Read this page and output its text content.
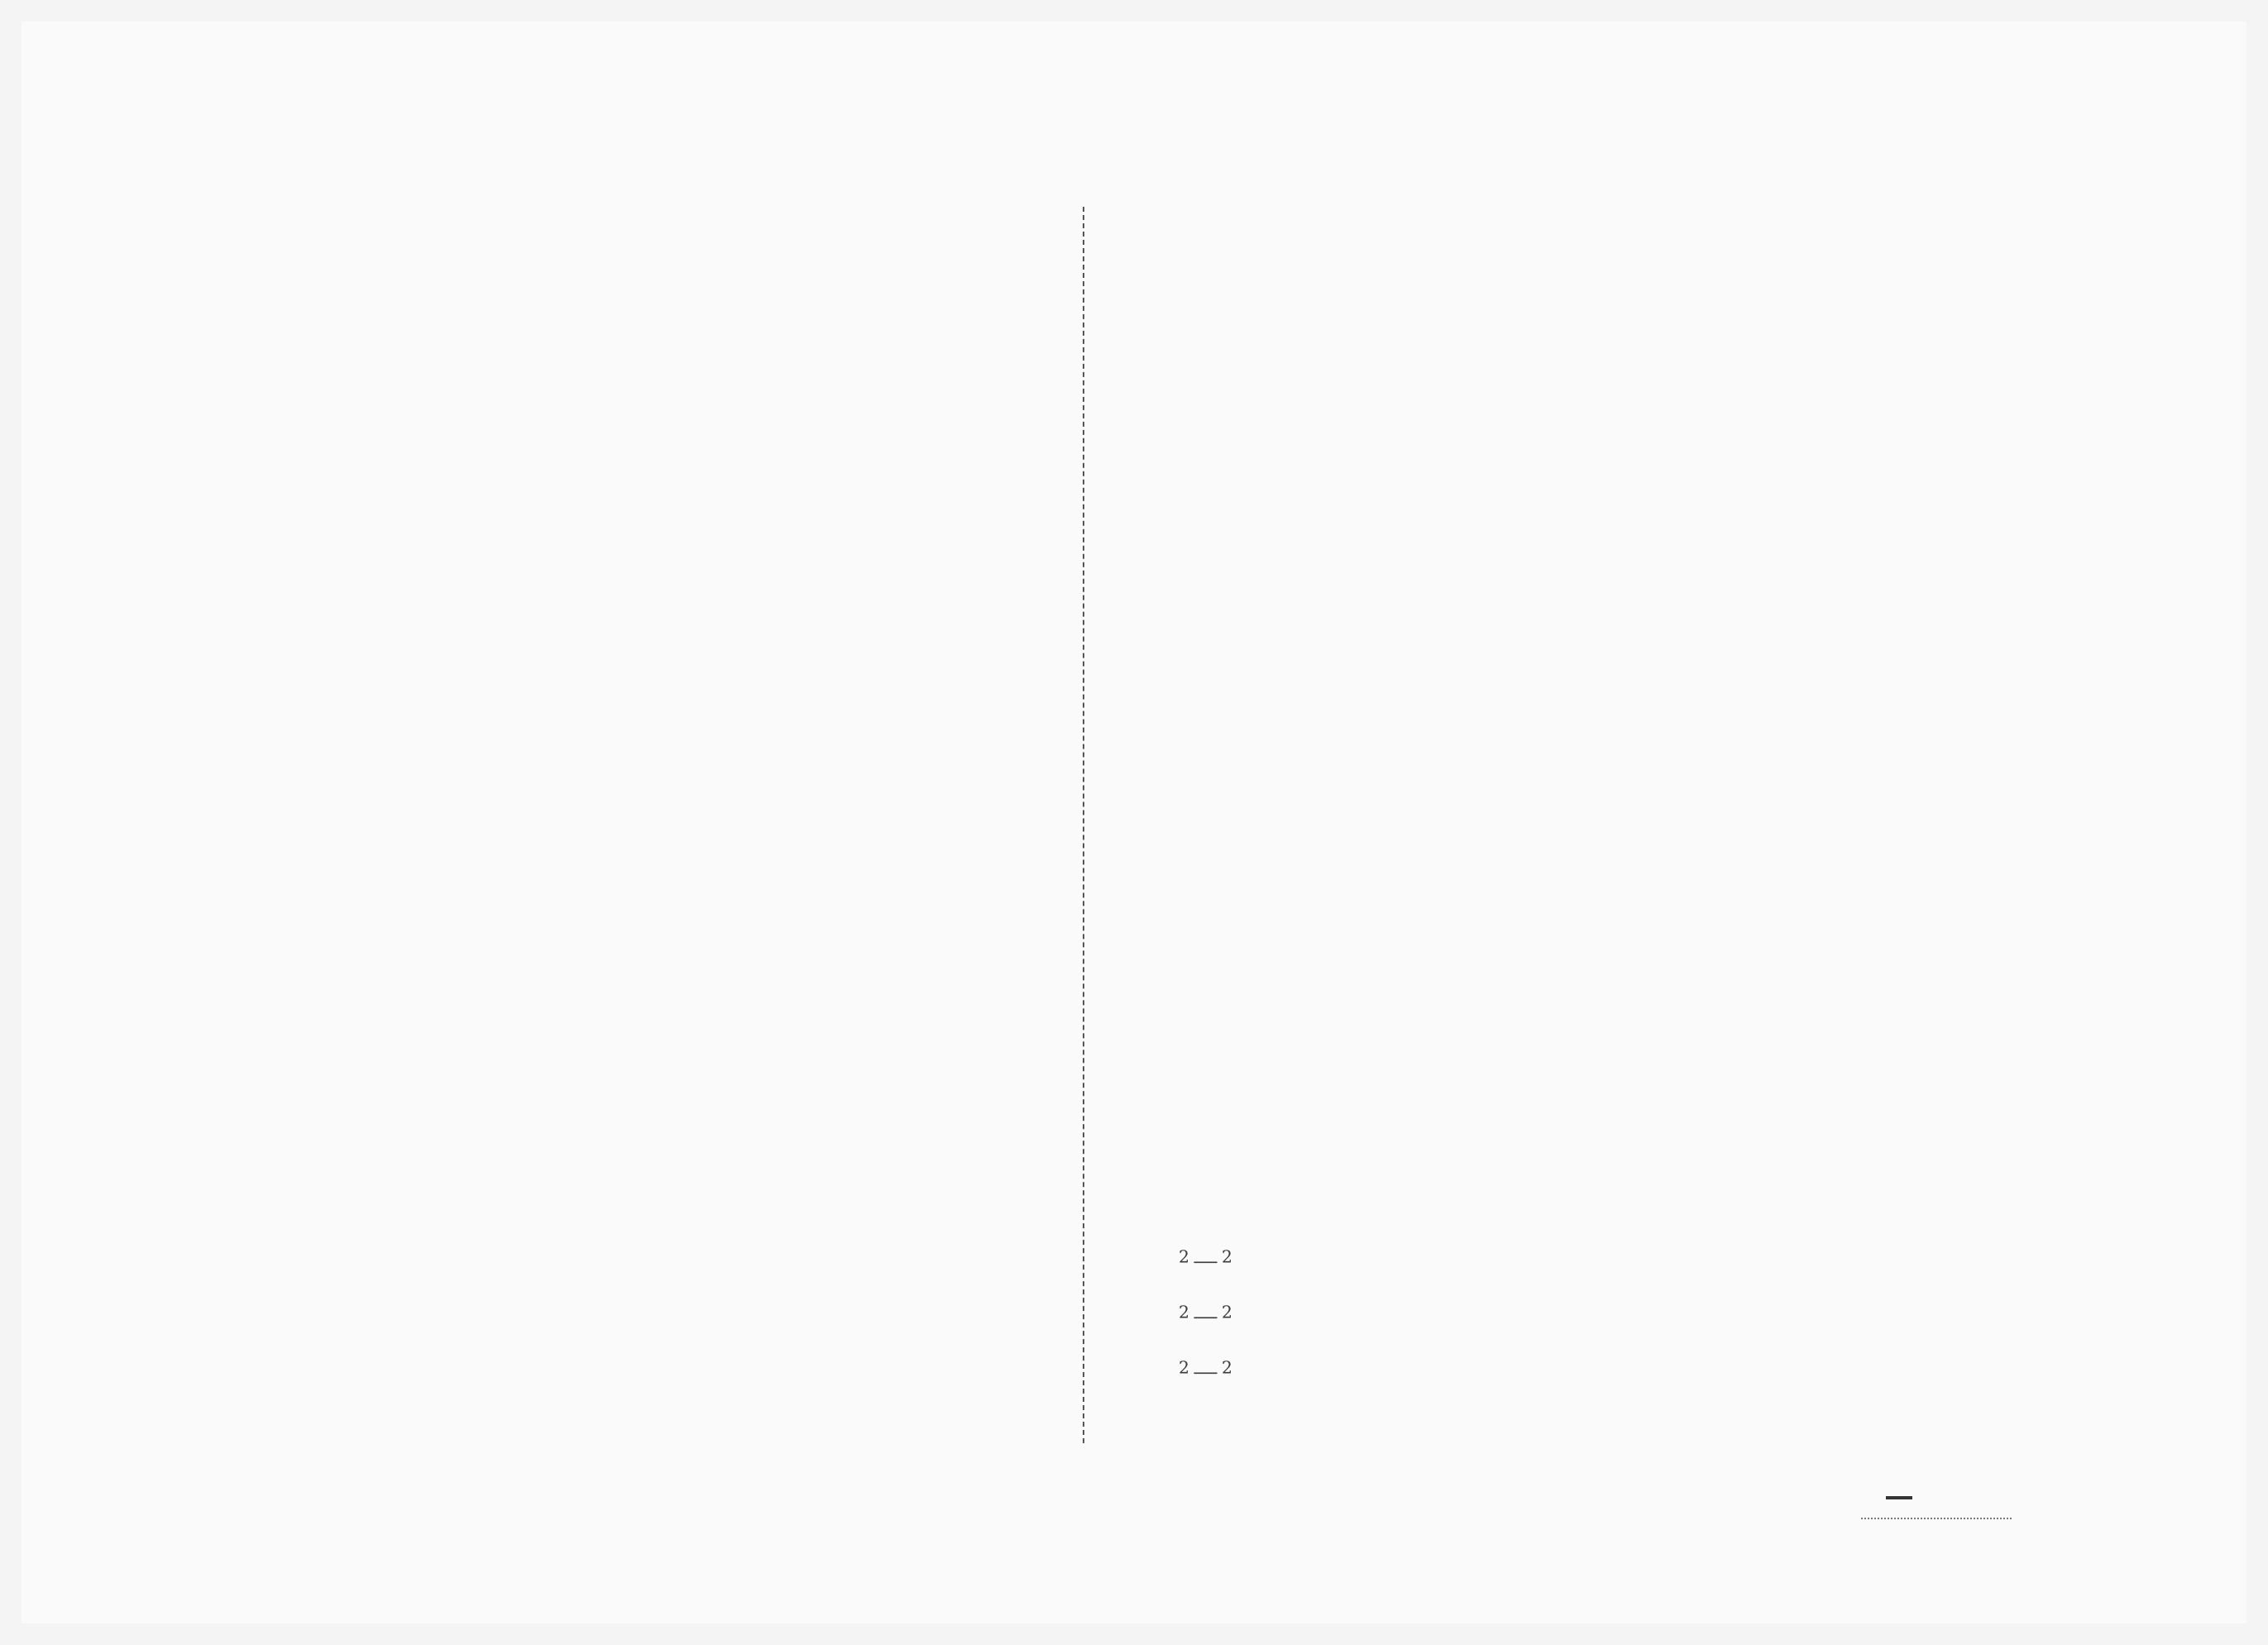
$^2$－$^2$
$^2$－$^2$
$^2$－$^2$
